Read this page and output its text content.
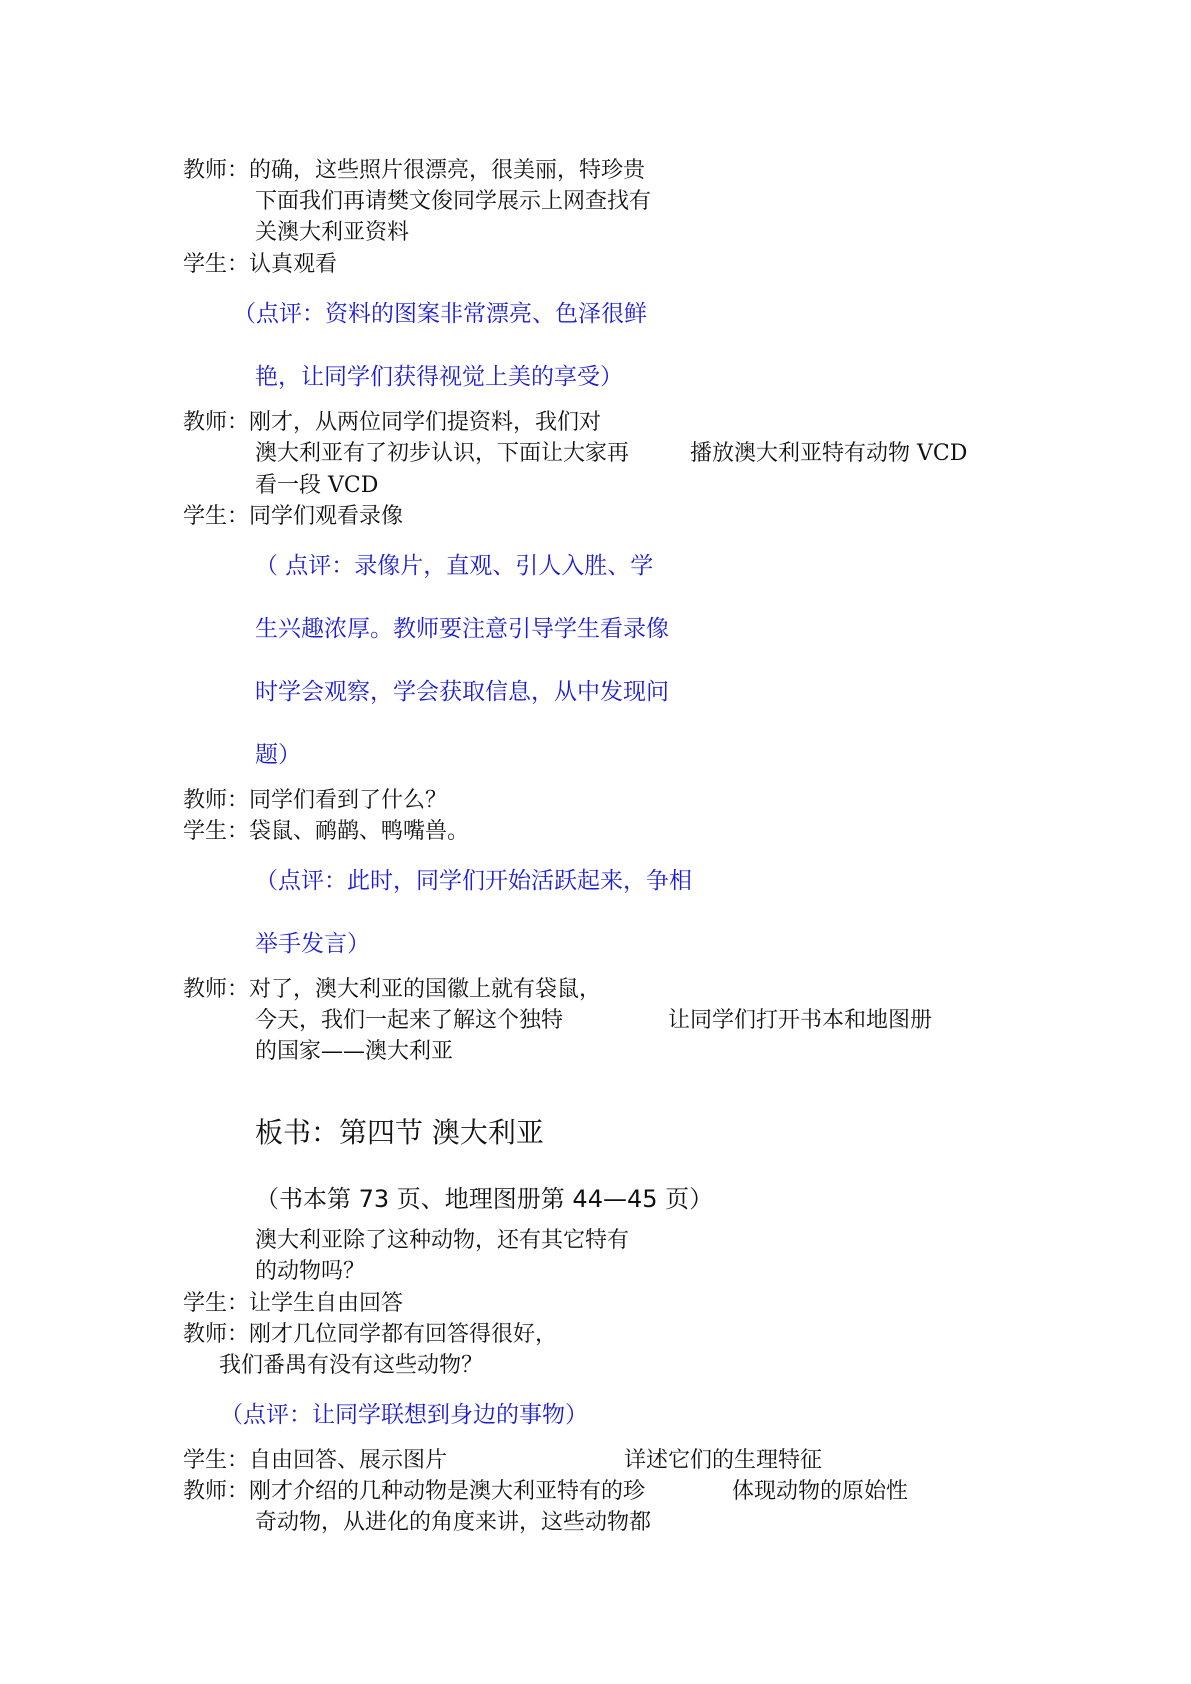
教师：的确，这些照片很漂亮，很美丽，特珍贵
下面我们再请樊文俊同学展示上网查找有
关澳大利亚资料
学生：认真观看
（点评：资料的图案非常漂亮、色泽很鲜
艳，让同学们获得视觉上美的享受）
教师：刚才，从两位同学们提资料，我们对
澳大利亚有了初步认识，下面让大家再	播放澳大利亚特有动物 VCD
看一段 VCD
学生：同学们观看录像
（ 点评：录像片，直观、引人入胜、学
生兴趣浓厚。教师要注意引导学生看录像
时学会观察，学会获取信息，从中发现问
题）
教师：同学们看到了什么？
学生：袋鼠、鸸鹋、鸭嘴兽。
（点评：此时，同学们开始活跃起来，争相
举手发言）
教师：对了，澳大利亚的国徽上就有袋鼠，
今天，我们一起来了解这个独特	让同学们打开书本和地图册
的国家——澳大利亚
板书：第四节 澳大利亚
（书本第 73 页、地理图册第 44—45 页）
澳大利亚除了这种动物，还有其它特有
的动物吗？
学生：让学生自由回答
教师：刚才几位同学都有回答得很好，
我们番禺有没有这些动物？
（点评：让同学联想到身边的事物）
学生：自由回答、展示图片	详述它们的生理特征
教师：刚才介绍的几种动物是澳大利亚特有的珍	体现动物的原始性
奇动物，从进化的角度来讲，这些动物都
